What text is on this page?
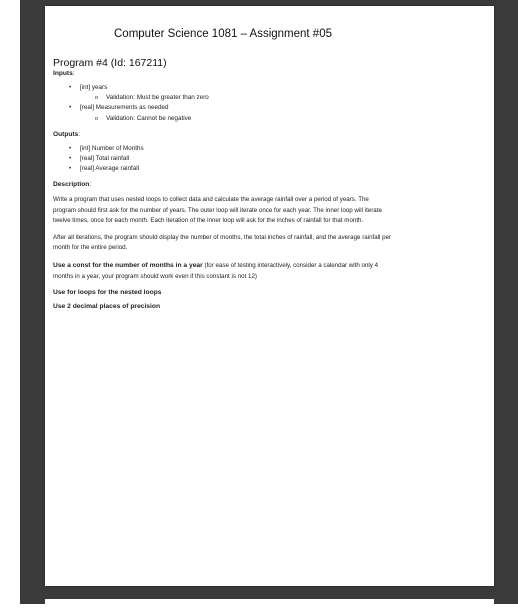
Computer Science 1081 – Assignment #05
Program #4 (Id: 167211)
Inputs:
• [int] years
o Validation: Must be greater than zero
• [real] Measurements as needed
o Validation: Cannot be negative
Outputs:
• [int] Number of Months
• [real] Total rainfall
• [real] Average rainfall
Description:

Write a program that uses nested loops to collect data and calculate the average rainfall over a period of years. The program should first ask for the number of years. The outer loop will iterate once for each year. The inner loop will iterate twelve times, once for each month. Each iteration of the inner loop will ask for the inches of rainfall for that month.

After all iterations, the program should display the number of months, the total inches of rainfall, and the average rainfall per month for the entire period.

Use a const for the number of months in a year (for ease of testing interactively, consider a calendar with only 4 months in a year, your program should work even if this constant is not 12)

Use for loops for the nested loops

Use 2 decimal places of precision
